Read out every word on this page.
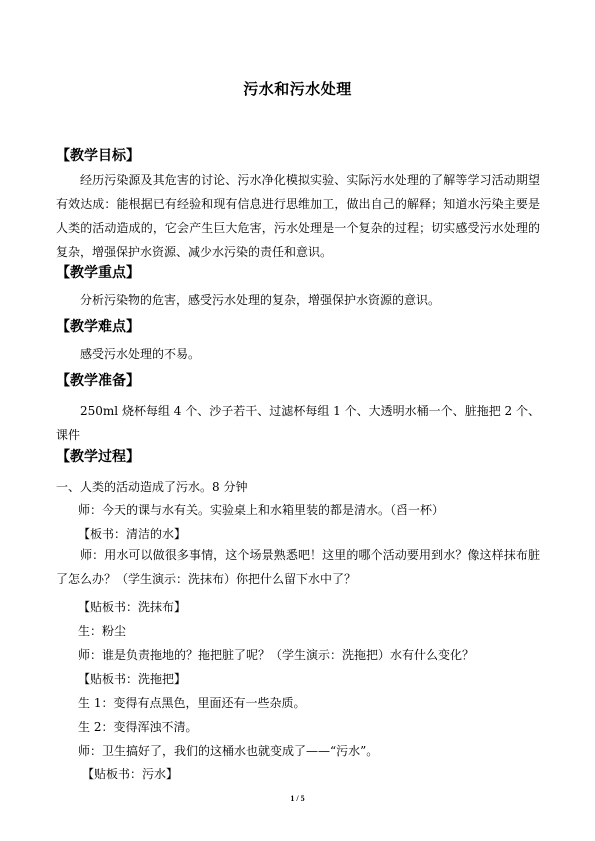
污水和污水处理
【教学目标】
经历污染源及其危害的讨论、污水净化模拟实验、实际污水处理的了解等学习活动期望有效达成：能根据已有经验和现有信息进行思维加工，做出自己的解释；知道水污染主要是人类的活动造成的，它会产生巨大危害，污水处理是一个复杂的过程；切实感受污水处理的复杂，增强保护水资源、减少水污染的责任和意识。
【教学重点】
分析污染物的危害，感受污水处理的复杂，增强保护水资源的意识。
【教学难点】
感受污水处理的不易。
【教学准备】
250ml 烧杯每组 4 个、沙子若干、过滤杯每组 1 个、大透明水桶一个、脏拖把 2 个、课件
【教学过程】
一、人类的活动造成了污水。8 分钟
师：今天的课与水有关。实验桌上和水箱里装的都是清水。（舀一杯）
【板书：清洁的水】
师：用水可以做很多事情，这个场景熟悉吧！这里的哪个活动要用到水？像这样抹布脏了怎么办？（学生演示：洗抹布）你把什么留下水中了？
【贴板书：洗抹布】
生：粉尘
师：谁是负责拖地的？拖把脏了呢？（学生演示：洗拖把）水有什么变化？
【贴板书：洗拖把】
生 1：变得有点黑色，里面还有一些杂质。
生 2：变得浑浊不清。
师：卫生搞好了，我们的这桶水也就变成了——“污水”。
【贴板书：污水】
1 / 5
